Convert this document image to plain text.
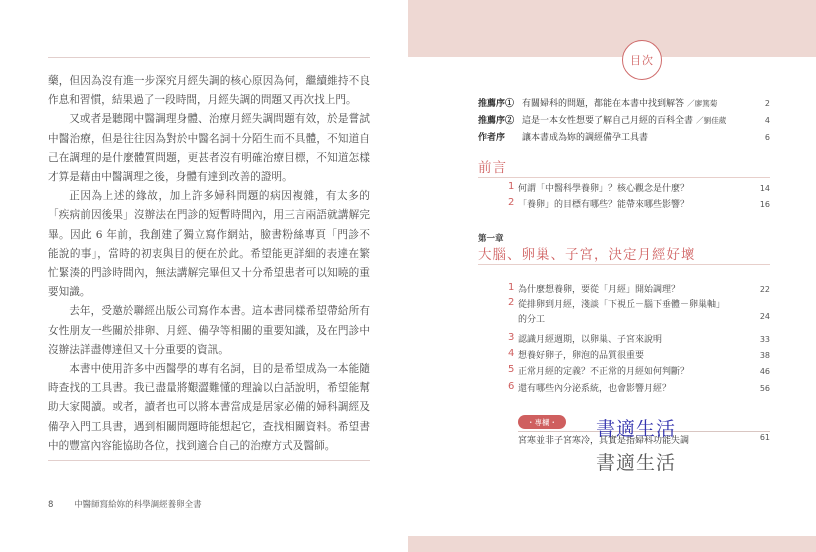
藥，但因為沒有進一步深究月經失調的核心原因為何，繼續維持不良作息和習慣，結果過了一段時間，月經失調的問題又再次找上門。

又或者是聽聞中醫調理身體、治療月經失調問題有效，於是嘗試中醫治療，但是往往因為對於中醫名詞十分陌生而不具體，不知道自己在調理的是什麼體質問題，更甚者沒有明確治療目標，不知道怎樣才算是藉由中醫調理之後，身體有達到改善的證明。

正因為上述的緣故，加上許多婦科問題的病因複雜，有太多的「疾病前因後果」沒辦法在門診的短暫時間內，用三言兩語就講解完畢。因此 6 年前，我創建了獨立寫作網站，臉書粉絲專頁「門診不能說的事」，當時的初衷與目的便在於此。希望能更詳細的表達在繁忙緊湊的門診時間內，無法講解完畢但又十分希望患者可以知曉的重要知識。

去年，受邀於聯經出版公司寫作本書。這本書同樣希望帶給所有女性朋友一些關於排卵、月經、備孕等相關的重要知識，及在門診中沒辦法詳盡傳達但又十分重要的資訊。

本書中使用許多中西醫學的專有名詞，目的是希望成為一本能隨時查找的工具書。我已盡量將艱澀難懂的理論以白話說明，希望能幫助大家閱讀。或者，讀者也可以將本書當成是居家必備的婦科調經及備孕入門工具書，遇到相關問題時能想起它，查找相關資料。希望書中的豐富內容能協助各位，找到適合自己的治療方式及醫師。

8 中醫師寫給妳的科學調經養卵全書
目次
推薦序① 有關婦科的問題，都能在本書中找到解答 ／廖篤菊	2
推薦序② 這是一本女性想要了解自己月經的百科全書 ／劉佳葳	4
作者序 讓本書成為妳的調經備孕工具書	6
前言
1 何謂「中醫科學養卵」？核心觀念是什麼？	14
2 「養卵」的目標有哪些？能帶來哪些影響？	16
第一章
大腦、卵巢、子宮，決定月經好壞
1 為什麼想養卵，要從「月經」開始調理？	22
2 從排卵到月經，淺談「下視丘－腦下垂體－卵巢軸」
的分工	24
3 認識月經週期，以卵巢、子宮來說明	33
4 想養好卵子，卵泡的品質很重要	38
5 正常月經的定義？不正常的月經如何判斷？	46
6 還有哪些內分泌系統，也會影響月經？	56
・專欄・
宮寒並非子宮寒冷，其實是指婦科功能失調	61
書適生活
書適生活
